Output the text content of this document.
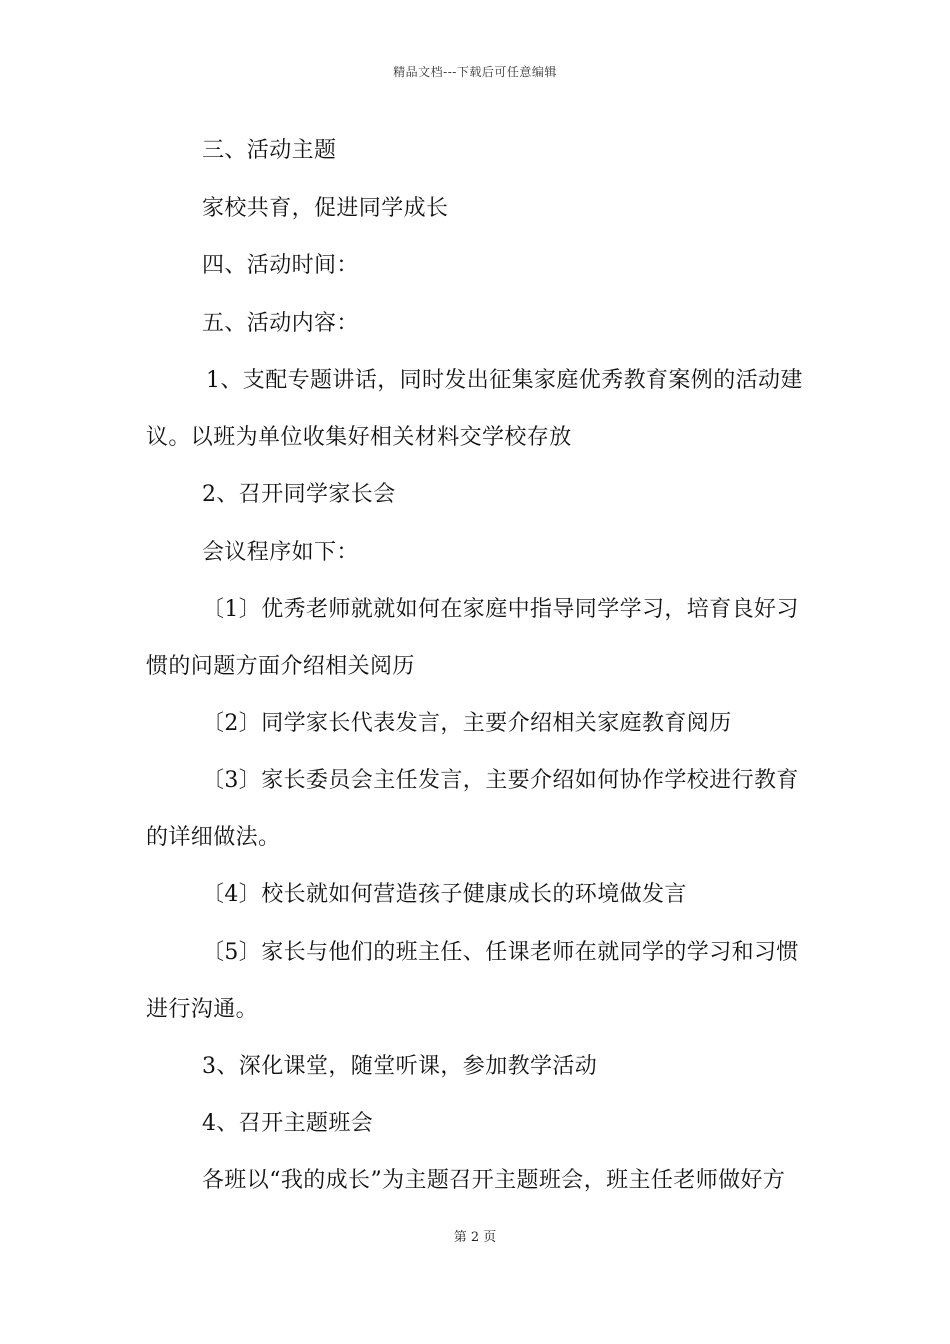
精品文档---下载后可任意编辑
三、活动主题
家校共育，促进同学成长
四、活动时间：
五、活动内容：
1、支配专题讲话，同时发出征集家庭优秀教育案例的活动建
议。以班为单位收集好相关材料交学校存放
2、召开同学家长会
会议程序如下：
〔1〕优秀老师就就如何在家庭中指导同学学习，培育良好习
惯的问题方面介绍相关阅历
〔2〕同学家长代表发言，主要介绍相关家庭教育阅历
〔3〕家长委员会主任发言，主要介绍如何协作学校进行教育
的详细做法。
〔4〕校长就如何营造孩子健康成长的环境做发言
〔5〕家长与他们的班主任、任课老师在就同学的学习和习惯
进行沟通。
3、深化课堂，随堂听课，参加教学活动
4、召开主题班会
各班以“我的成长”为主题召开主题班会，班主任老师做好方
第 2 页
